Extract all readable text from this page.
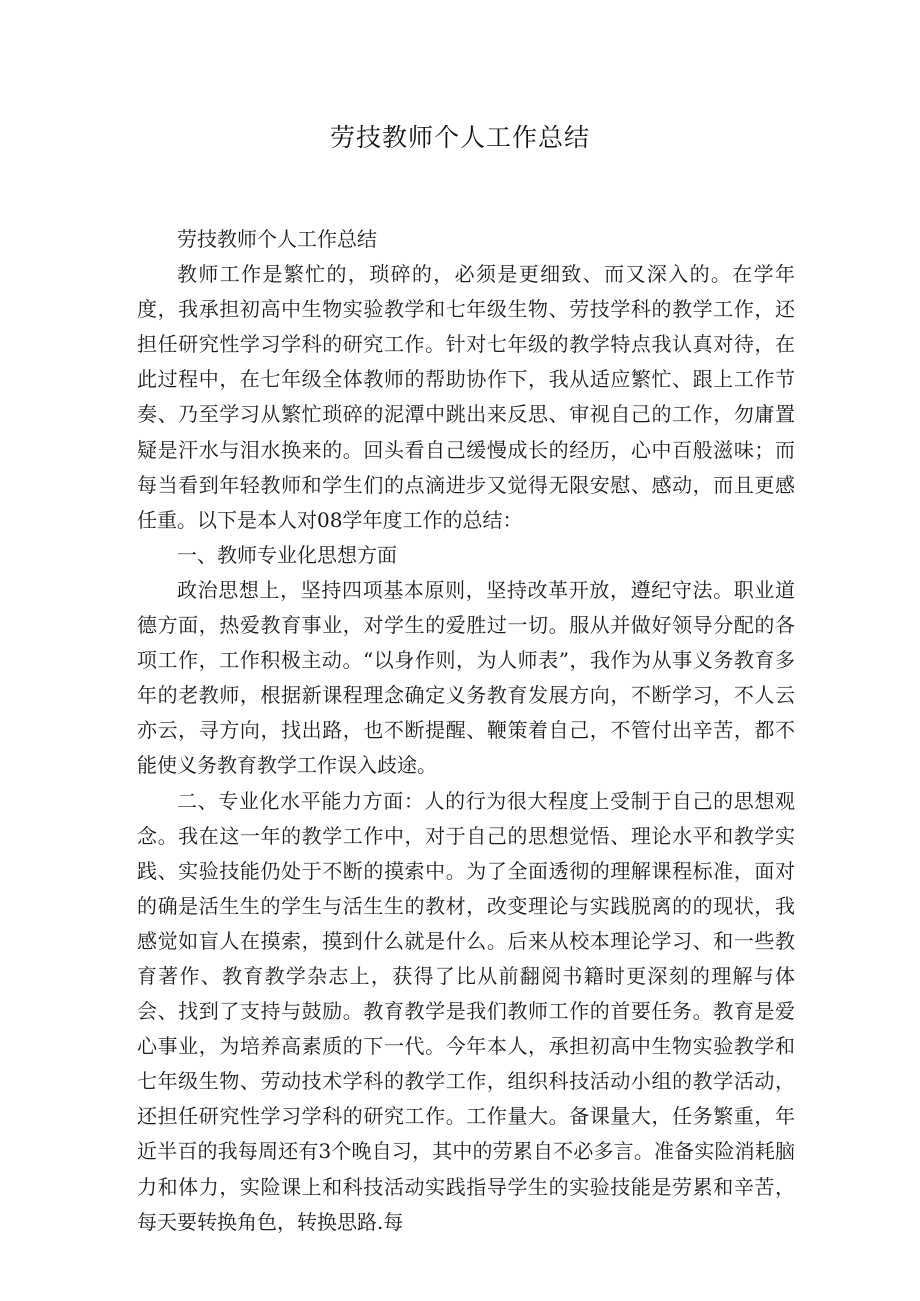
劳技教师个人工作总结

劳技教师个人工作总结

教师工作是繁忙的，琐碎的，必须是更细致、而又深入的。在学年度，我承担初高中生物实验教学和七年级生物、劳技学科的教学工作，还担任研究性学习学科的研究工作。针对七年级的教学特点我认真对待，在此过程中，在七年级全体教师的帮助协作下，我从适应繁忙、跟上工作节奏、乃至学习从繁忙琐碎的泥潭中跳出来反思、审视自己的工作，勿庸置疑是汗水与泪水换来的。回头看自己缓慢成长的经历，心中百般滋味；而每当看到年轻教师和学生们的点滴进步又觉得无限安慰、感动，而且更感任重。以下是本人对08学年度工作的总结：

一、教师专业化思想方面

政治思想上，坚持四项基本原则，坚持改革开放，遵纪守法。职业道德方面，热爱教育事业，对学生的爱胜过一切。服从并做好领导分配的各项工作，工作积极主动。“以身作则，为人师表”，我作为从事义务教育多年的老教师，根据新课程理念确定义务教育发展方向，不断学习，不人云亦云，寻方向，找出路，也不断提醒、鞭策着自己，不管付出辛苦，都不能使义务教育教学工作误入歧途。

二、专业化水平能力方面：人的行为很大程度上受制于自己的思想观念。我在这一年的教学工作中，对于自己的思想觉悟、理论水平和教学实践、实验技能仍处于不断的摸索中。为了全面透彻的理解课程标准，面对的确是活生生的学生与活生生的教材，改变理论与实践脱离的的现状，我感觉如盲人在摸索，摸到什么就是什么。后来从校本理论学习、和一些教育著作、教育教学杂志上，获得了比从前翻阅书籍时更深刻的理解与体会、找到了支持与鼓励。教育教学是我们教师工作的首要任务。教育是爱心事业，为培养高素质的下一代。今年本人，承担初高中生物实验教学和七年级生物、劳动技术学科的教学工作，组织科技活动小组的教学活动，还担任研究性学习学科的研究工作。工作量大。备课量大，任务繁重，年近半百的我每周还有3个晚自习，其中的劳累自不必多言。准备实险消耗脑力和体力，实险课上和科技活动实践指导学生的实验技能是劳累和辛苦，每天要转换角色，转换思路.每
